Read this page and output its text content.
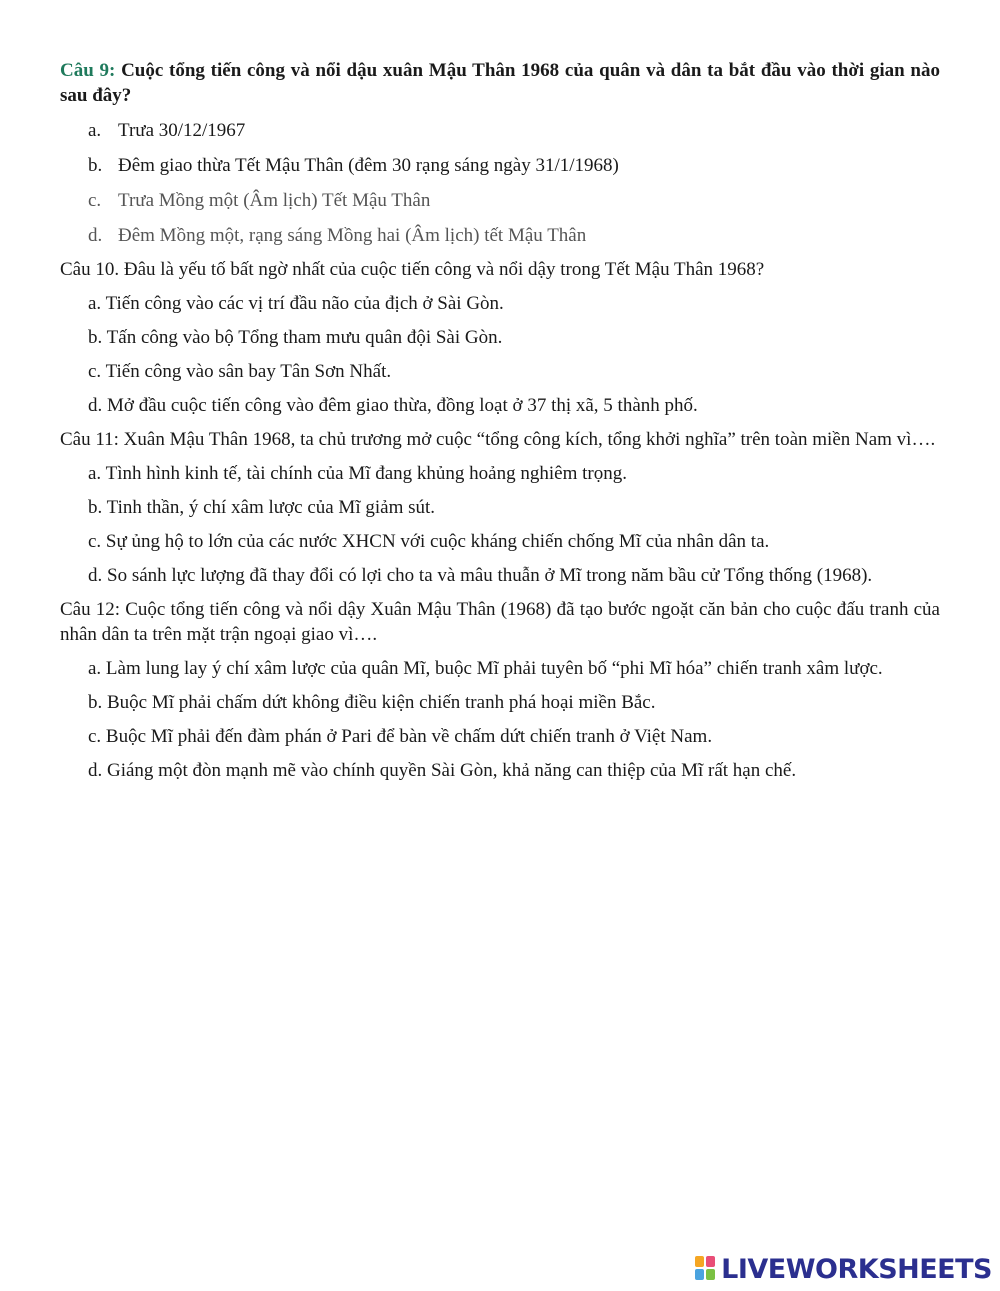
Câu 9: Cuộc tổng tiến công và nổi dậu xuân Mậu Thân 1968 của quân và dân ta bắt đầu vào thời gian nào sau đây?

a. Trưa 30/12/1967
b. Đêm giao thừa Tết Mậu Thân (đêm 30 rạng sáng ngày 31/1/1968)
c. Trưa Mồng một (Âm lịch) Tết Mậu Thân
d. Đêm Mồng một, rạng sáng Mồng hai (Âm lịch) tết Mậu Thân

Câu 10. Đâu là yếu tố bất ngờ nhất của cuộc tiến công và nổi dậy trong Tết Mậu Thân 1968?

a. Tiến công vào các vị trí đầu não của địch ở Sài Gòn.

b. Tấn công vào bộ Tổng tham mưu quân đội Sài Gòn.

c. Tiến công vào sân bay Tân Sơn Nhất.

d. Mở đầu cuộc tiến công vào đêm giao thừa, đồng loạt ở 37 thị xã, 5 thành phố.

Câu 11: Xuân Mậu Thân 1968, ta chủ trương mở cuộc “tổng công kích, tổng khởi nghĩa” trên toàn miền Nam vì….

a. Tình hình kinh tế, tài chính của Mĩ đang khủng hoảng nghiêm trọng.

b. Tinh thần, ý chí xâm lược của Mĩ giảm sút.

c. Sự ủng hộ to lớn của các nước XHCN với cuộc kháng chiến chống Mĩ của nhân dân ta.

d. So sánh lực lượng đã thay đổi có lợi cho ta và mâu thuẫn ở Mĩ trong năm bầu cử Tổng thống (1968).

Câu 12: Cuộc tổng tiến công và nổi dậy Xuân Mậu Thân (1968) đã tạo bước ngoặt căn bản cho cuộc đấu tranh của nhân dân ta trên mặt trận ngoại giao vì….

a. Làm lung lay ý chí xâm lược của quân Mĩ, buộc Mĩ phải tuyên bố “phi Mĩ hóa” chiến tranh xâm lược.

b. Buộc Mĩ phải chấm dứt không điều kiện chiến tranh phá hoại miền Bắc.

c. Buộc Mĩ phải đến đàm phán ở Pari để bàn về chấm dứt chiến tranh ở Việt Nam.

d. Giáng một đòn mạnh mẽ vào chính quyền Sài Gòn, khả năng can thiệp của Mĩ rất hạn chế.

LIVEWORKSHEETS
